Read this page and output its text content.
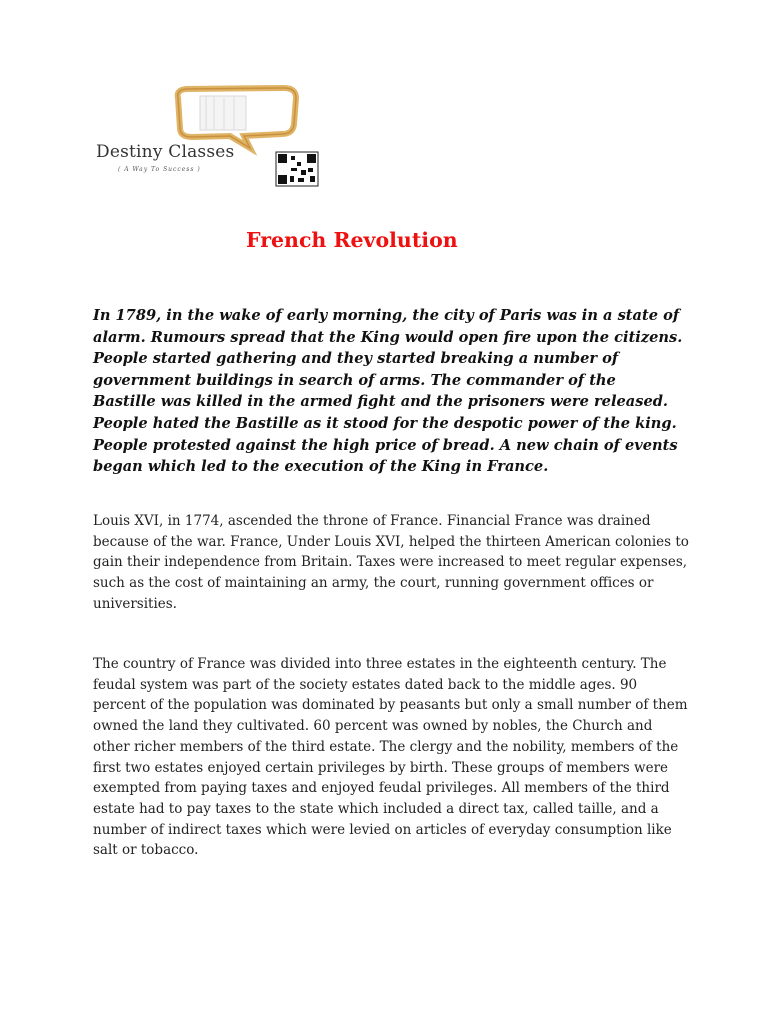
Destiny Classes
( A Way To Success )
French Revolution

In 1789, in the wake of early morning, the city of Paris was in a state of alarm. Rumours spread that the King would open fire upon the citizens. People started gathering and they started breaking a number of government buildings in search of arms. The commander of the Bastille was killed in the armed fight and the prisoners were released. People hated the Bastille as it stood for the despotic power of the king. People protested against the high price of bread. A new chain of events began which led to the execution of the King in France.

Louis XVI, in 1774, ascended the throne of France. Financial France was drained because of the war. France, Under Louis XVI, helped the thirteen American colonies to gain their independence from Britain. Taxes were increased to meet regular expenses, such as the cost of maintaining an army, the court, running government offices or universities.

The country of France was divided into three estates in the eighteenth century. The feudal system was part of the society estates dated back to the middle ages. 90 percent of the population was dominated by peasants but only a small number of them owned the land they cultivated. 60 percent was owned by nobles, the Church and other richer members of the third estate. The clergy and the nobility, members of the first two estates enjoyed certain privileges by birth. These groups of members were exempted from paying taxes and enjoyed feudal privileges. All members of the third estate had to pay taxes to the state which included a direct tax, called taille, and a number of indirect taxes which were levied on articles of everyday consumption like salt or tobacco.
